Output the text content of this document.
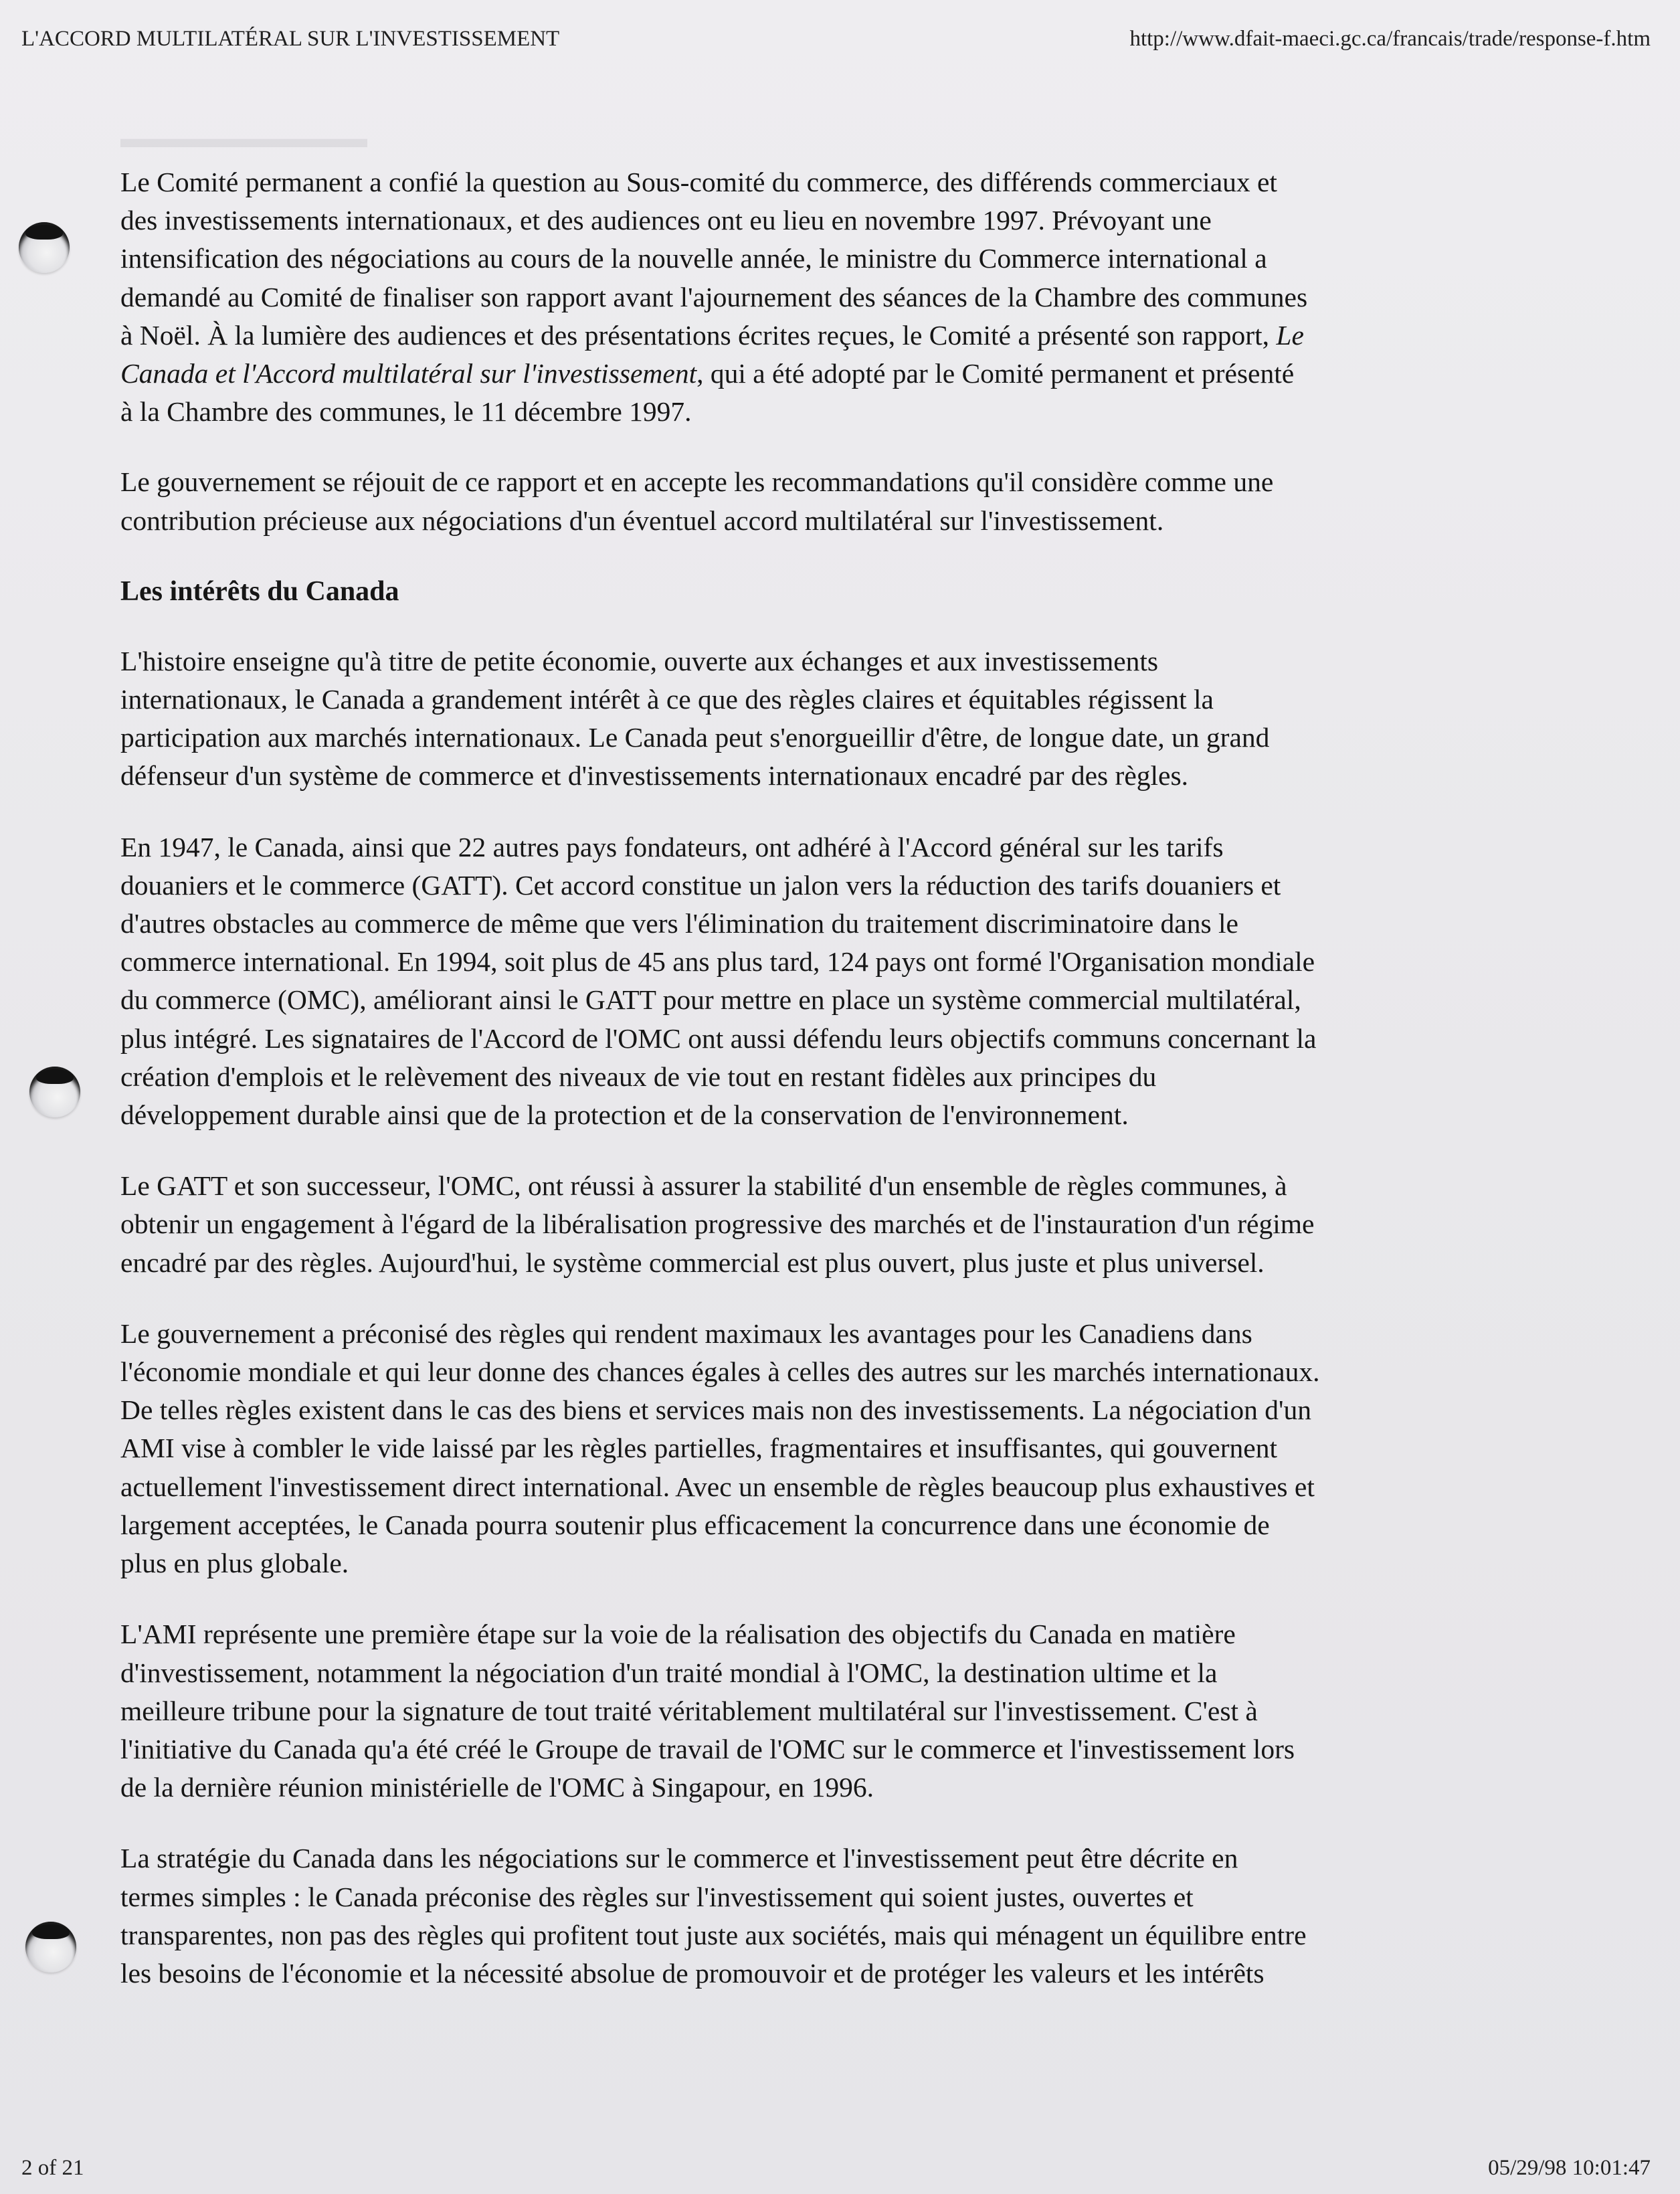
▬▬▬▬▬▬▬▬▬
L'ACCORD MULTILATÉRAL SUR L'INVESTISSEMENT	http://www.dfait-maeci.gc.ca/francais/trade/response-f.htm

Le Comité permanent a confié la question au Sous-comité du commerce, des différends commerciaux et
des investissements internationaux, et des audiences ont eu lieu en novembre 1997. Prévoyant une
intensification des négociations au cours de la nouvelle année, le ministre du Commerce international a
demandé au Comité de finaliser son rapport avant l'ajournement des séances de la Chambre des communes
à Noël. À la lumière des audiences et des présentations écrites reçues, le Comité a présenté son rapport, Le
Canada et l'Accord multilatéral sur l'investissement, qui a été adopté par le Comité permanent et présenté
à la Chambre des communes, le 11 décembre 1997.

Le gouvernement se réjouit de ce rapport et en accepte les recommandations qu'il considère comme une
contribution précieuse aux négociations d'un éventuel accord multilatéral sur l'investissement.

Les intérêts du Canada

L'histoire enseigne qu'à titre de petite économie, ouverte aux échanges et aux investissements
internationaux, le Canada a grandement intérêt à ce que des règles claires et équitables régissent la
participation aux marchés internationaux. Le Canada peut s'enorgueillir d'être, de longue date, un grand
défenseur d'un système de commerce et d'investissements internationaux encadré par des règles.

En 1947, le Canada, ainsi que 22 autres pays fondateurs, ont adhéré à l'Accord général sur les tarifs
douaniers et le commerce (GATT). Cet accord constitue un jalon vers la réduction des tarifs douaniers et
d'autres obstacles au commerce de même que vers l'élimination du traitement discriminatoire dans le
commerce international. En 1994, soit plus de 45 ans plus tard, 124 pays ont formé l'Organisation mondiale
du commerce (OMC), améliorant ainsi le GATT pour mettre en place un système commercial multilatéral,
plus intégré. Les signataires de l'Accord de l'OMC ont aussi défendu leurs objectifs communs concernant la
création d'emplois et le relèvement des niveaux de vie tout en restant fidèles aux principes du
développement durable ainsi que de la protection et de la conservation de l'environnement.

Le GATT et son successeur, l'OMC, ont réussi à assurer la stabilité d'un ensemble de règles communes, à
obtenir un engagement à l'égard de la libéralisation progressive des marchés et de l'instauration d'un régime
encadré par des règles. Aujourd'hui, le système commercial est plus ouvert, plus juste et plus universel.

Le gouvernement a préconisé des règles qui rendent maximaux les avantages pour les Canadiens dans
l'économie mondiale et qui leur donne des chances égales à celles des autres sur les marchés internationaux.
De telles règles existent dans le cas des biens et services mais non des investissements. La négociation d'un
AMI vise à combler le vide laissé par les règles partielles, fragmentaires et insuffisantes, qui gouvernent
actuellement l'investissement direct international. Avec un ensemble de règles beaucoup plus exhaustives et
largement acceptées, le Canada pourra soutenir plus efficacement la concurrence dans une économie de
plus en plus globale.

L'AMI représente une première étape sur la voie de la réalisation des objectifs du Canada en matière
d'investissement, notamment la négociation d'un traité mondial à l'OMC, la destination ultime et la
meilleure tribune pour la signature de tout traité véritablement multilatéral sur l'investissement. C'est à
l'initiative du Canada qu'a été créé le Groupe de travail de l'OMC sur le commerce et l'investissement lors
de la dernière réunion ministérielle de l'OMC à Singapour, en 1996.

La stratégie du Canada dans les négociations sur le commerce et l'investissement peut être décrite en
termes simples : le Canada préconise des règles sur l'investissement qui soient justes, ouvertes et
transparentes, non pas des règles qui profitent tout juste aux sociétés, mais qui ménagent un équilibre entre
les besoins de l'économie et la nécessité absolue de promouvoir et de protéger les valeurs et les intérêts

2 of 21	05/29/98 10:01:47
